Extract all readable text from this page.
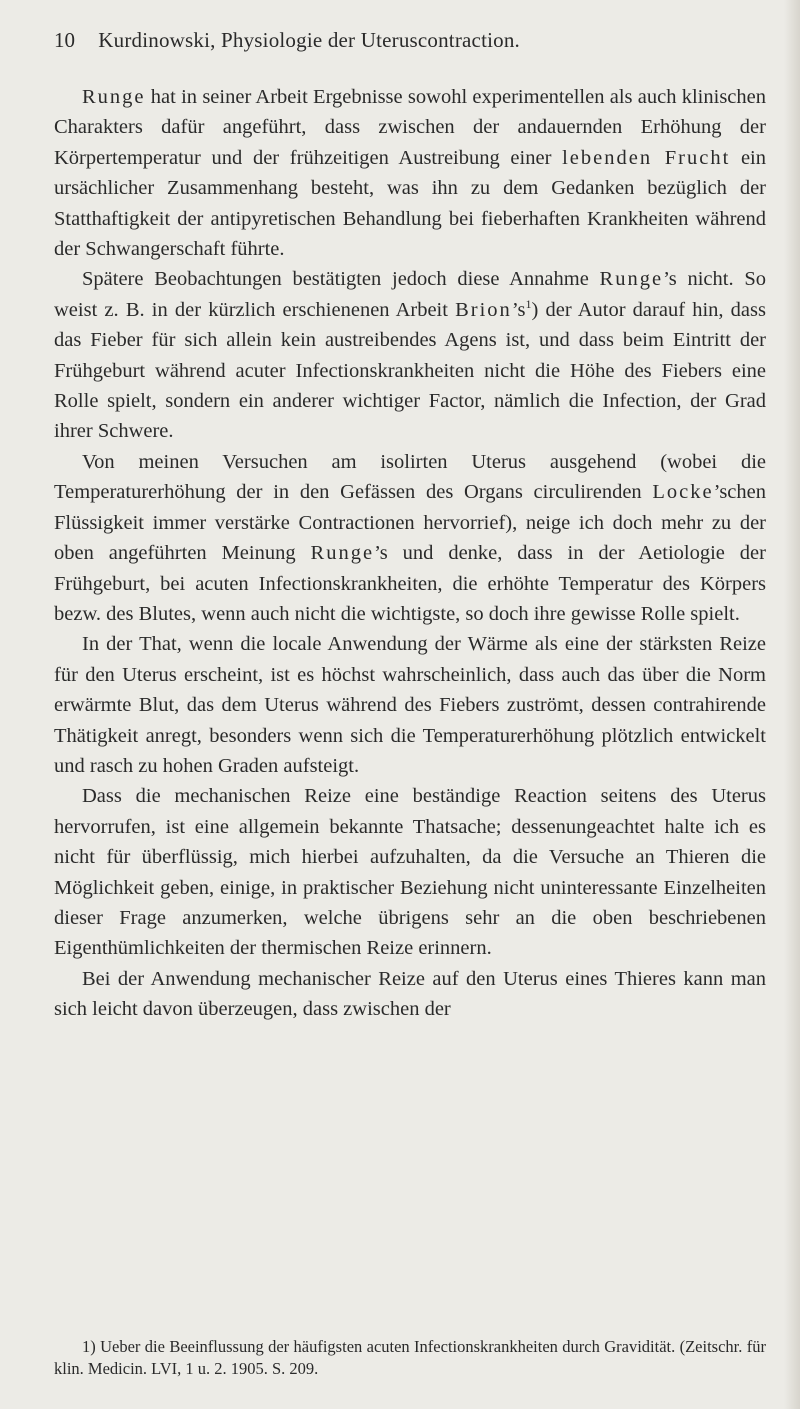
10 Kurdinowski, Physiologie der Uteruscontraction.

Runge hat in seiner Arbeit Ergebnisse sowohl experimentellen als auch klinischen Charakters dafür angeführt, dass zwischen der andauernden Erhöhung der Körpertemperatur und der frühzeitigen Austreibung einer lebenden Frucht ein ursächlicher Zusammenhang besteht, was ihn zu dem Gedanken bezüglich der Statthaftigkeit der antipyretischen Behandlung bei fieberhaften Krankheiten während der Schwangerschaft führte.

Spätere Beobachtungen bestätigten jedoch diese Annahme Runge’s nicht. So weist z. B. in der kürzlich erschienenen Arbeit $Brion’s^1$) der Autor darauf hin, dass das Fieber für sich allein kein austreibendes Agens ist, und dass beim Eintritt der Frühgeburt während acuter Infectionskrankheiten nicht die Höhe des Fiebers eine Rolle spielt, sondern ein anderer wichtiger Factor, nämlich die Infection, der Grad ihrer Schwere.

Von meinen Versuchen am isolirten Uterus ausgehend (wobei die Temperaturerhöhung der in den Gefässen des Organs circulirenden Locke’schen Flüssigkeit immer verstärke Contractionen hervorrief), neige ich doch mehr zu der oben angeführten Meinung Runge’s und denke, dass in der Aetiologie der Frühgeburt, bei acuten Infectionskrankheiten, die erhöhte Temperatur des Körpers bezw. des Blutes, wenn auch nicht die wichtigste, so doch ihre gewisse Rolle spielt.

In der That, wenn die locale Anwendung der Wärme als eine der stärksten Reize für den Uterus erscheint, ist es höchst wahrscheinlich, dass auch das über die Norm erwärmte Blut, das dem Uterus während des Fiebers zuströmt, dessen contrahirende Thätigkeit anregt, besonders wenn sich die Temperaturerhöhung plötzlich entwickelt und rasch zu hohen Graden aufsteigt.

Dass die mechanischen Reize eine beständige Reaction seitens des Uterus hervorrufen, ist eine allgemein bekannte Thatsache; dessenungeachtet halte ich es nicht für überflüssig, mich hierbei aufzuhalten, da die Versuche an Thieren die Möglichkeit geben, einige, in praktischer Beziehung nicht uninteressante Einzelheiten dieser Frage anzumerken, welche übrigens sehr an die oben beschriebenen Eigenthümlichkeiten der thermischen Reize erinnern.

Bei der Anwendung mechanischer Reize auf den Uterus eines Thieres kann man sich leicht davon überzeugen, dass zwischen der

1) Ueber die Beeinflussung der häufigsten acuten Infectionskrankheiten durch Gravidität. (Zeitschr. für klin. Medicin. LVI, 1 u. 2. 1905. S. 209.
